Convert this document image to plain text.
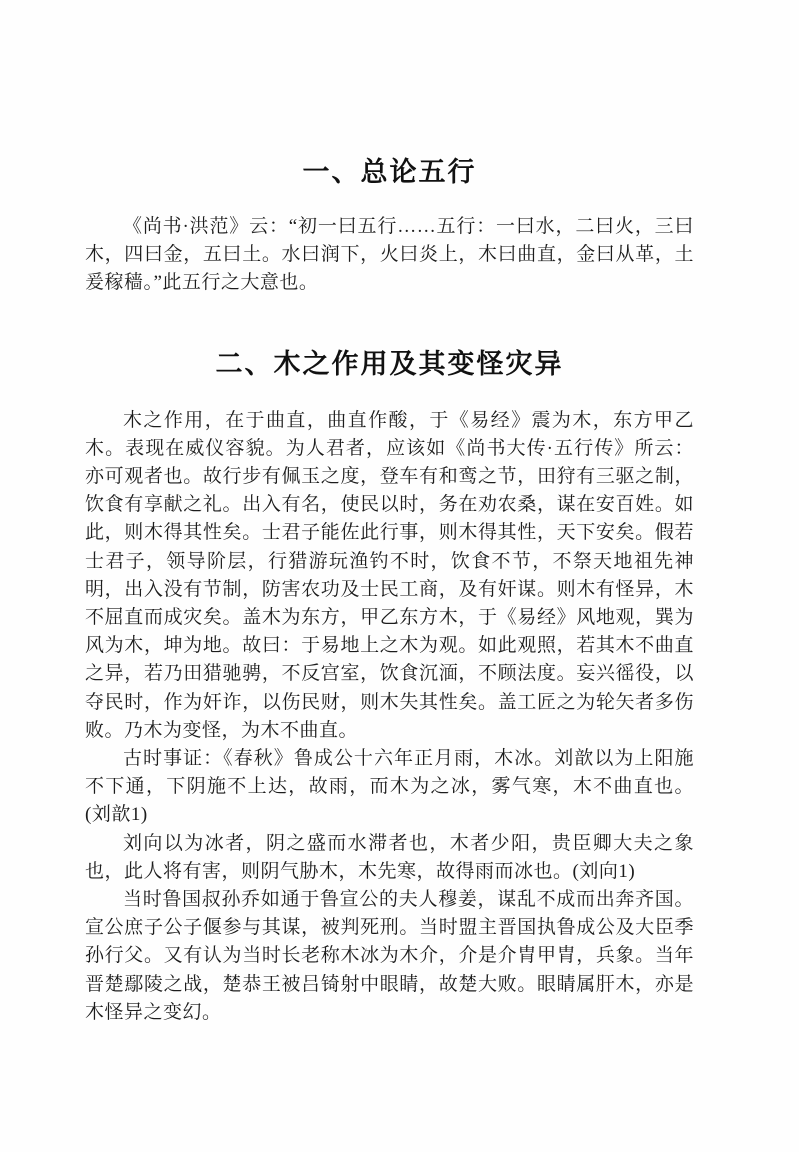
一、总论五行

《尚书·洪范》云：“初一曰五行……五行：一曰水，二曰火，三曰木，四曰金，五曰土。水曰润下，火曰炎上，木曰曲直，金曰从革，土爰稼穑。”此五行之大意也。

二、木之作用及其变怪灾异

木之作用，在于曲直，曲直作酸，于《易经》震为木，东方甲乙木。表现在威仪容貌。为人君者，应该如《尚书大传·五行传》所云：亦可观者也。故行步有佩玉之度，登车有和鸾之节，田狩有三驱之制，饮食有享献之礼。出入有名，使民以时，务在劝农桑，谋在安百姓。如此，则木得其性矣。士君子能佐此行事，则木得其性，天下安矣。假若士君子，领导阶层，行猎游玩渔钓不时，饮食不节，不祭天地祖先神明，出入没有节制，防害农功及士民工商，及有奸谋。则木有怪异，木不屈直而成灾矣。盖木为东方，甲乙东方木，于《易经》风地观，巽为风为木，坤为地。故曰：于易地上之木为观。如此观照，若其木不曲直之异，若乃田猎驰骋，不反宫室，饮食沉湎，不顾法度。妄兴徭役，以夺民时，作为奸诈，以伤民财，则木失其性矣。盖工匠之为轮矢者多伤败。乃木为变怪，为木不曲直。

古时事证：《春秋》鲁成公十六年正月雨，木冰。刘歆以为上阳施不下通，下阴施不上达，故雨，而木为之冰，雾气寒，木不曲直也。(刘歆1)

刘向以为冰者，阴之盛而水滞者也，木者少阳，贵臣卿大夫之象也，此人将有害，则阴气胁木，木先寒，故得雨而冰也。(刘向1)

当时鲁国叔孙乔如通于鲁宣公的夫人穆姜，谋乱不成而出奔齐国。宣公庶子公子偃参与其谋，被判死刑。当时盟主晋国执鲁成公及大臣季孙行父。又有认为当时长老称木冰为木介，介是介胄甲胄，兵象。当年晋楚鄢陵之战，楚恭王被吕锜射中眼睛，故楚大败。眼睛属肝木，亦是木怪异之变幻。
